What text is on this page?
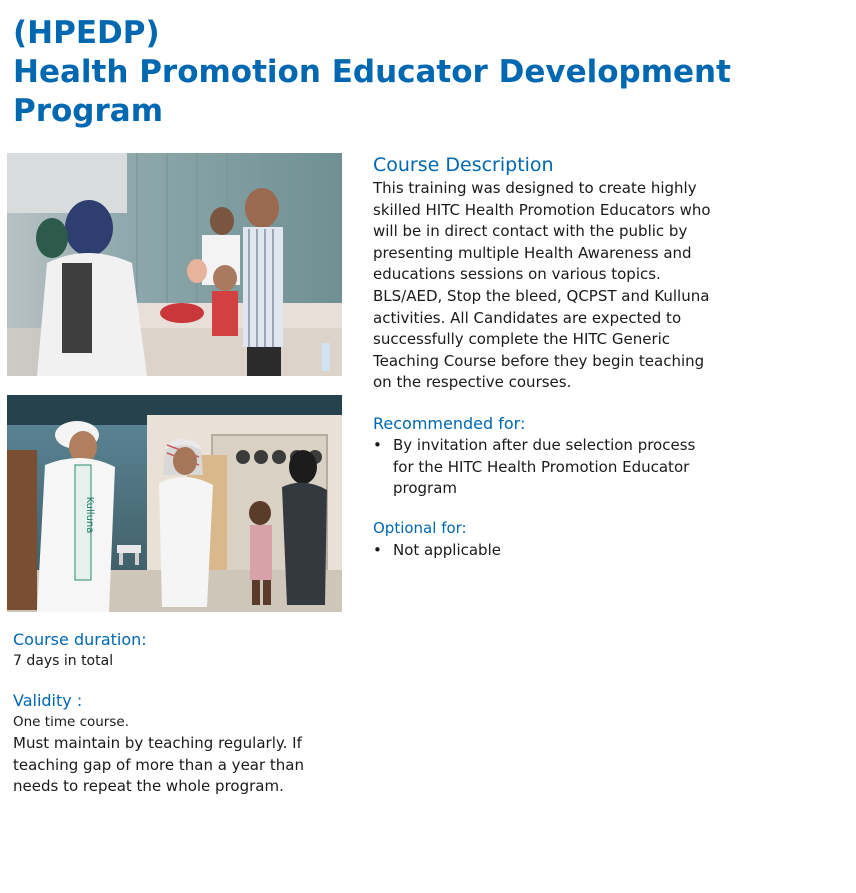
(HPEDP)
Health Promotion Educator Development
Program
Kulluna
Course Description

This training was designed to create highly skilled HITC Health Promotion Educators who will be in direct contact with the public by presenting multiple Health Awareness and educations sessions on various topics. BLS/AED, Stop the bleed, QCPST and Kulluna activities. All Candidates are expected to successfully complete the HITC Generic Teaching Course before they begin teaching on the respective courses.

Recommended for:
• By invitation after due selection process for the HITC Health Promotion Educator program
Optional for:
• Not applicable
Course duration:

7 days in total

Validity :

One time course.

Must maintain by teaching regularly. If teaching gap of more than a year than needs to repeat the whole program.
